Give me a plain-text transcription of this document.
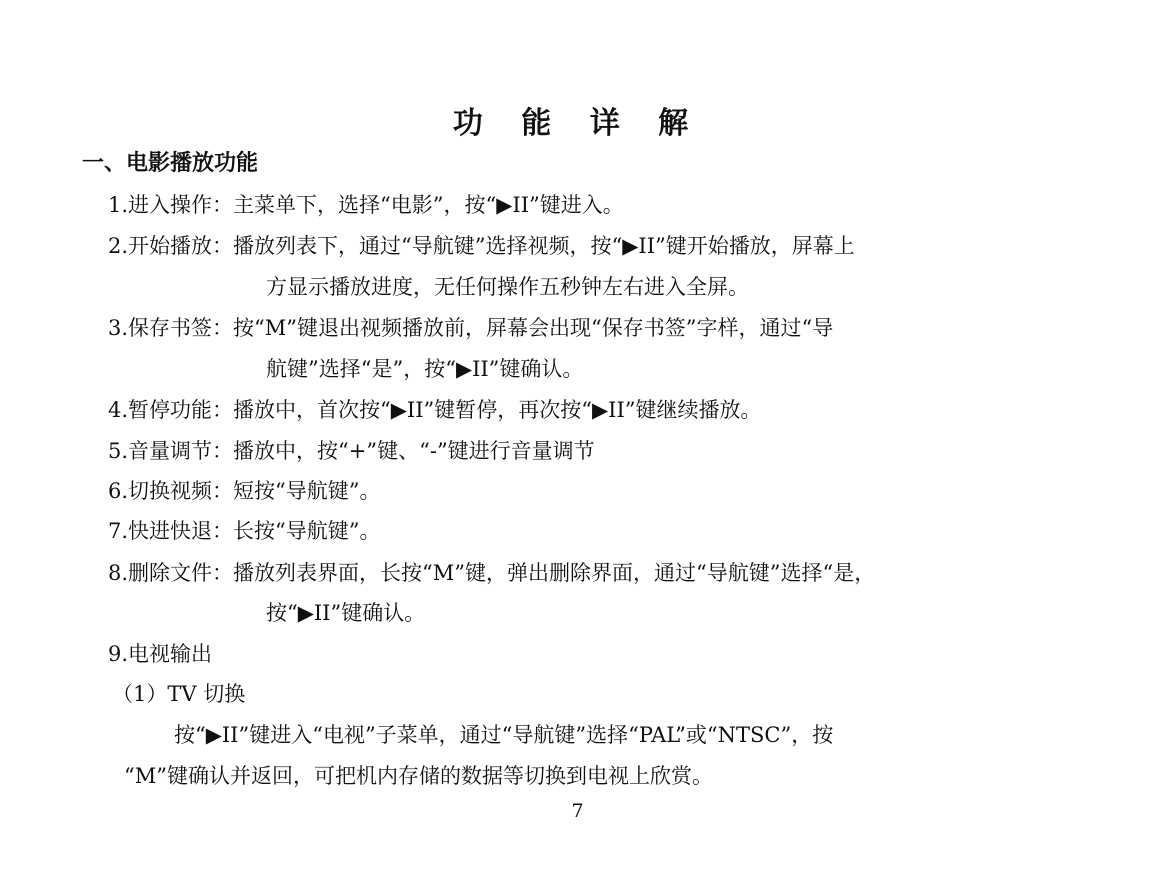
功 能 详 解
一、电影播放功能
1.进入操作：主菜单下，选择“电影”，按“▶II”键进入。
2.开始播放：播放列表下，通过“导航键”选择视频，按“▶II”键开始播放，屏幕上
方显示播放进度，无任何操作五秒钟左右进入全屏。
3.保存书签：按“M”键退出视频播放前，屏幕会出现“保存书签”字样，通过“导
航键”选择“是”，按“▶II”键确认。
4.暂停功能：播放中，首次按“▶II”键暂停，再次按“▶II”键继续播放。
5.音量调节：播放中，按“+”键、“-”键进行音量调节
6.切换视频：短按“导航键”。
7.快进快退：长按“导航键”。
8.删除文件：播放列表界面，长按“M”键，弹出删除界面，通过“导航键”选择“是，
按“▶II”键确认。
9.电视输出
（1）TV 切换
按“▶II”键进入“电视”子菜单，通过“导航键”选择“PAL”或“NTSC”，按
“M”键确认并返回，可把机内存储的数据等切换到电视上欣赏。
7
